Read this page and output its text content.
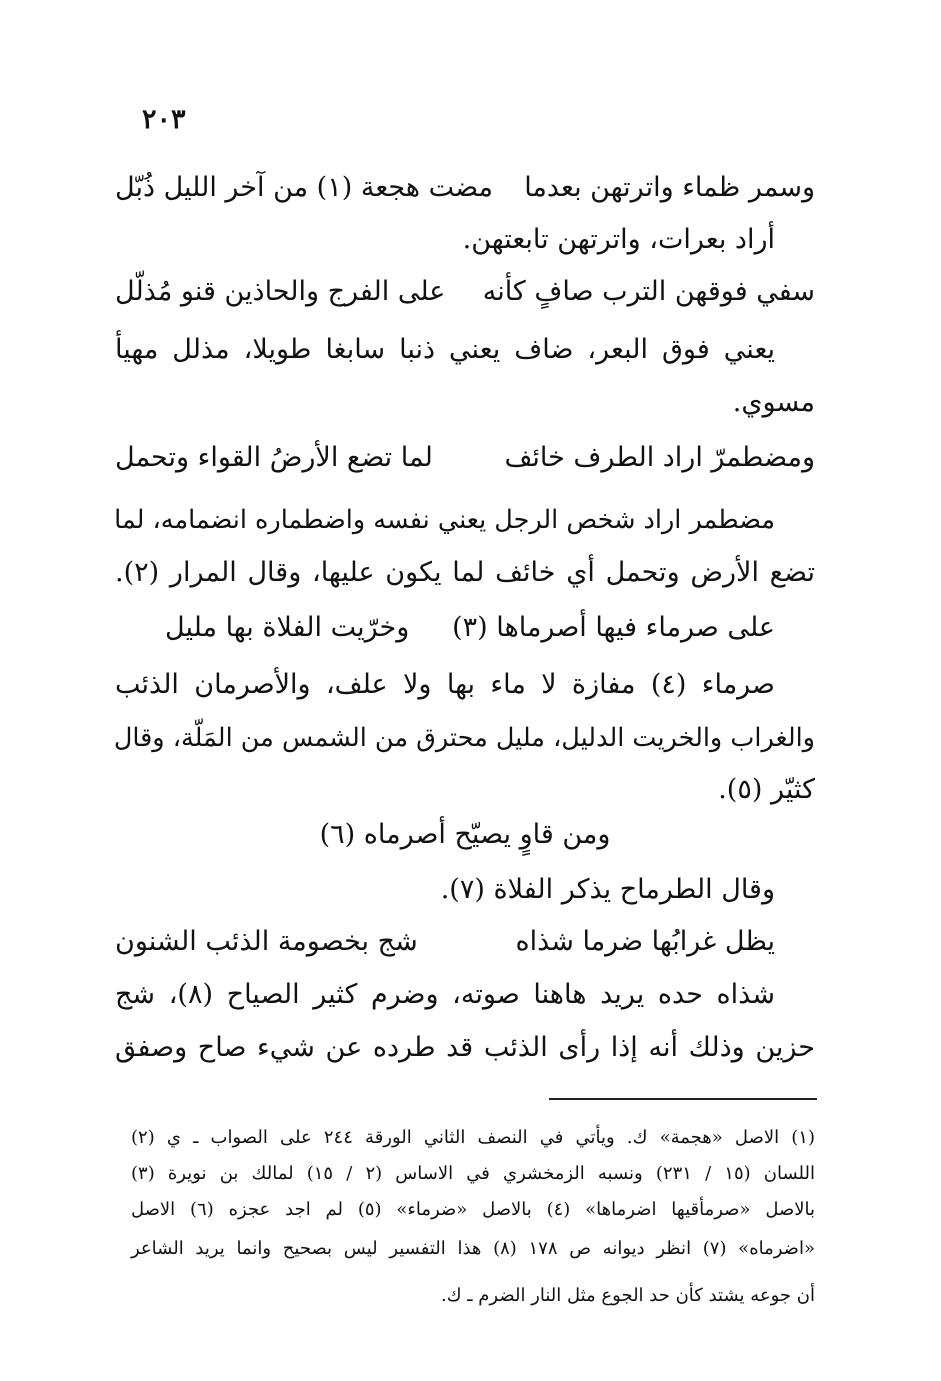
٢٠٣
وسمر ظماء واترتهن بعدما
مضت هجعة (١) من آخر الليل ذُبّل
أراد بعرات، واترتهن تابعتهن.
سفي فوقهن الترب صافٍ كأنه
على الفرج والحاذين قنو مُذلّل
يعني فوق البعر، ضاف يعني ذنبا سابغا طويلا، مذلل مهيأ
مسوي.
ومضطمرّ اراد الطرف خائف
لما تضع الأرضُ القواء وتحمل
مضطمر اراد شخص الرجل يعني نفسه واضطماره انضمامه، لما
تضع الأرض وتحمل أي خائف لما يكون عليها، وقال المرار (٢).
على صرماء فيها أصرماها (٣)
وخرّيت الفلاة بها مليل
صرماء (٤) مفازة لا ماء بها ولا علف، والأصرمان الذئب
والغراب والخريت الدليل، مليل محترق من الشمس من المَلّة، وقال
كثيّر (٥).
ومن قاوٍ يصيّح أصرماه (٦)
وقال الطرماح يذكر الفلاة (٧).
يظل غرابُها ضرما شذاه
شج بخصومة الذئب الشنون
شذاه حده يريد هاهنا صوته، وضرم كثير الصياح (٨)، شج
حزين وذلك أنه إذا رأى الذئب قد طرده عن شيء صاح وصفق
(١) الاصل «هجمة» ك. ويأتي في النصف الثاني الورقة ٢٤٤ على الصواب ـ ي (٢)
اللسان (١٥ / ٢٣١) ونسبه الزمخشري في الاساس (٢ / ١٥) لمالك بن نويرة (٣)
بالاصل «صرمأقيها اضرماها» (٤) بالاصل «ضرماء» (٥) لم اجد عجزه (٦) الاصل
«اضرماه» (٧) انظر ديوانه ص ١٧٨ (٨) هذا التفسير ليس بصحيح وانما يريد الشاعر
أن جوعه يشتد كأن حد الجوع مثل النار الضرم ـ ك.
